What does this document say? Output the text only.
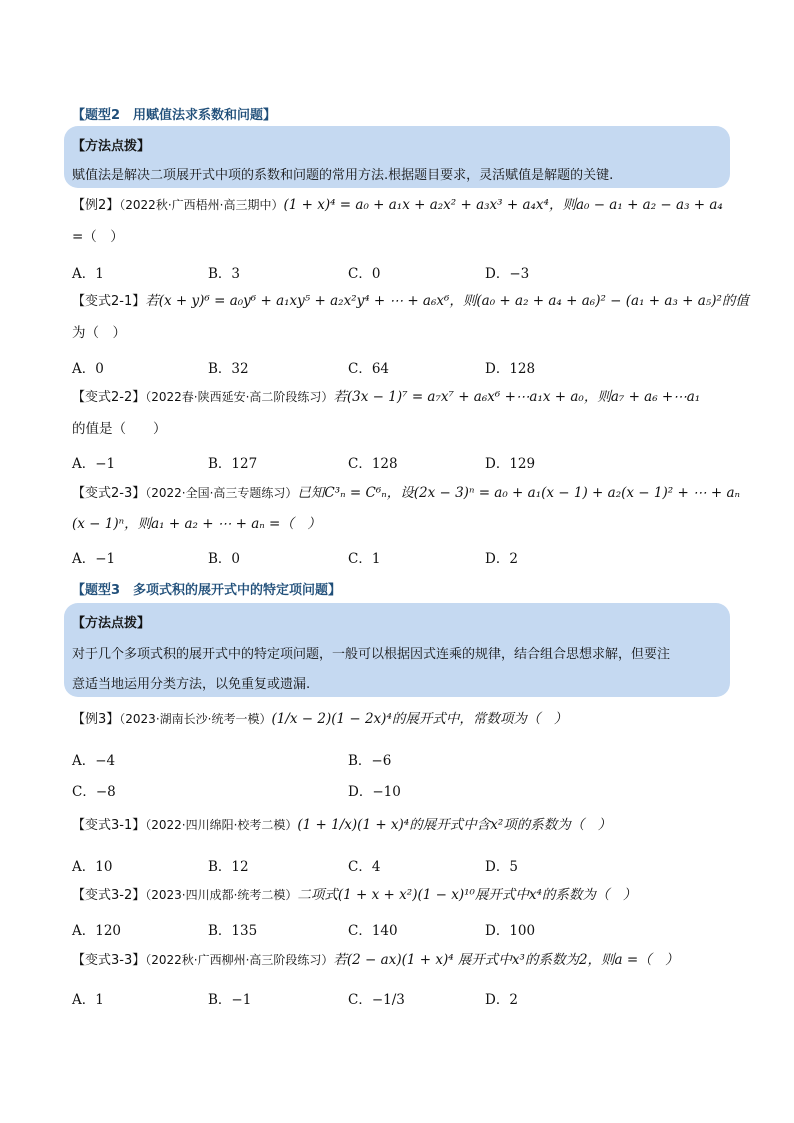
【题型2　用赋值法求系数和问题】
【方法点拨】
赋值法是解决二项展开式中项的系数和问题的常用方法.根据题目要求，灵活赋值是解题的关键.
【例2】（2022秋·广西梧州·高三期中）(1 + x)⁴ = a₀ + a₁x + a₂x² + a₃x³ + a₄x⁴，则a₀ − a₁ + a₂ − a₃ + a₄
=（　）
A．1	B．3	C．0	D．−3
【变式2-1】若(x + y)⁶ = a₀y⁶ + a₁xy⁵ + a₂x²y⁴ + ⋯ + a₆x⁶，则(a₀ + a₂ + a₄ + a₆)² − (a₁ + a₃ + a₅)²的值
为（　）
A．0	B．32	C．64	D．128
【变式2-2】（2022春·陕西延安·高二阶段练习）若(3x − 1)⁷ = a₇x⁷ + a₆x⁶ +⋯a₁x + a₀，则a₇ + a₆ +⋯a₁
的值是（　　）
A．−1	B．127	C．128	D．129
【变式2-3】（2022·全国·高三专题练习）已知C³ₙ = C⁶ₙ，设(2x − 3)ⁿ = a₀ + a₁(x − 1) + a₂(x − 1)² + ⋯ + aₙ
(x − 1)ⁿ，则a₁ + a₂ + ⋯ + aₙ =（　）
A．−1	B．0	C．1	D．2
【题型3　多项式积的展开式中的特定项问题】
【方法点拨】
对于几个多项式积的展开式中的特定项问题，一般可以根据因式连乘的规律，结合组合思想求解，但要注
意适当地运用分类方法，以免重复或遗漏.
【例3】（2023·湖南长沙·统考一模）(1/x − 2)(1 − 2x)⁴的展开式中，常数项为（　）
A．−4	B．−6
C．−8	D．−10
【变式3-1】（2022·四川绵阳·校考二模）(1 + 1/x)(1 + x)⁴的展开式中含x²项的系数为（　）
A．10	B．12	C．4	D．5
【变式3-2】（2023·四川成都·统考二模）二项式(1 + x + x²)(1 − x)¹⁰展开式中x⁴的系数为（　）
A．120	B．135	C．140	D．100
【变式3-3】（2022秋·广西柳州·高三阶段练习）若(2 − ax)(1 + x)⁴ 展开式中x³的系数为2，则a =（　）
A．1	B．−1	C．−1/3	D．2
